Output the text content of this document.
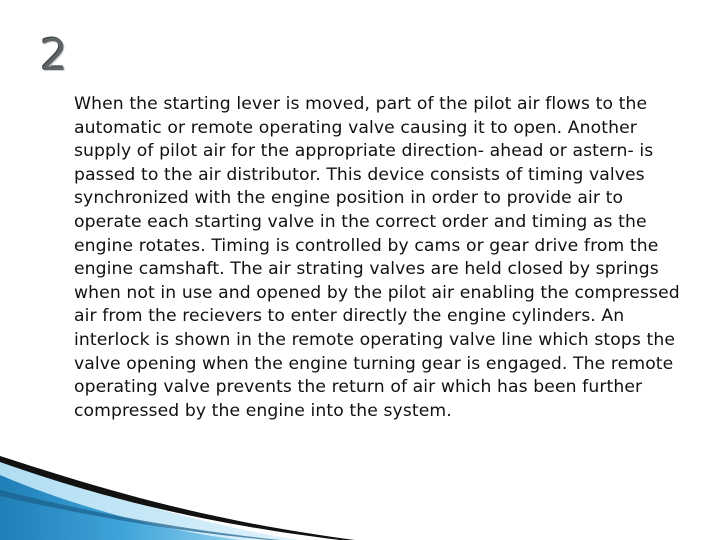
2
When the starting lever is moved, part of the pilot air flows to the automatic or remote operating valve causing it to open. Another supply of pilot air for the appropriate direction- ahead or astern- is passed to the air distributor. This device consists of timing valves synchronized with the engine position in order to provide air to operate each starting valve in the correct order and timing as the engine rotates. Timing is controlled by cams or gear drive from the engine camshaft. The air strating valves are held closed by springs when not in use and opened by the pilot air enabling the compressed air from the recievers to enter directly the engine cylinders. An interlock is shown in the remote operating valve line which stops the valve opening when the engine turning gear is engaged. The remote operating valve prevents the return of air which has been further compressed by the engine into the system.
